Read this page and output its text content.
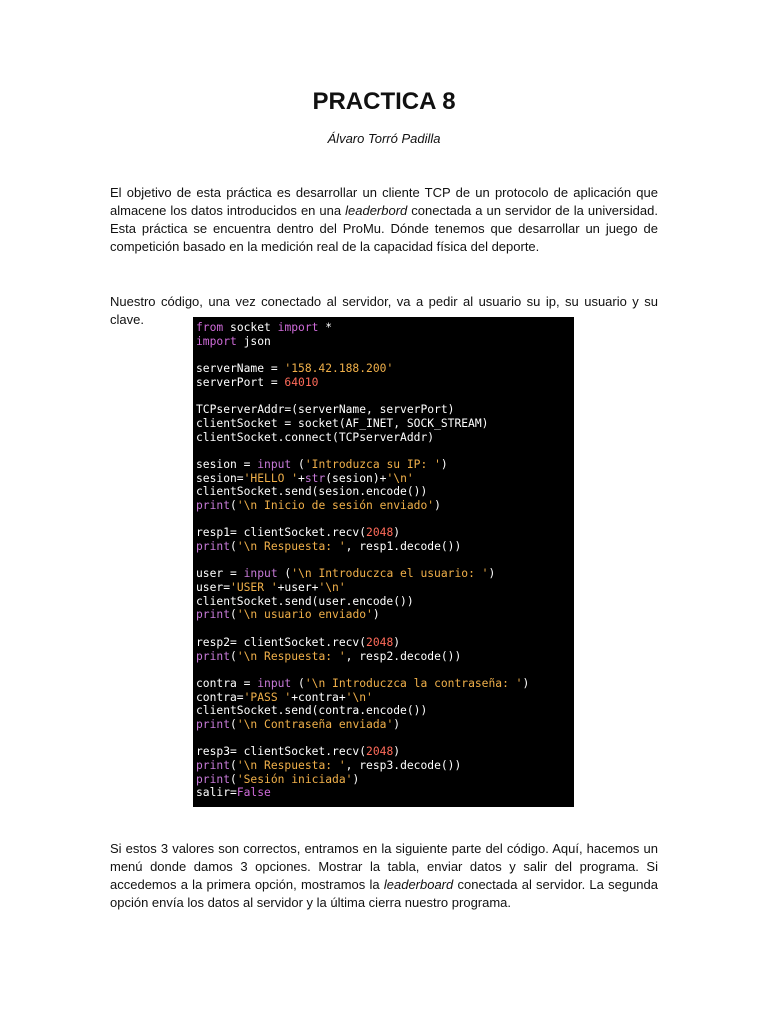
PRACTICA 8
Álvaro Torró Padilla

El objetivo de esta práctica es desarrollar un cliente TCP de un protocolo de aplicación que almacene los datos introducidos en una leaderbord conectada a un servidor de la universidad. Esta práctica se encuentra dentro del ProMu. Dónde tenemos que desarrollar un juego de competición basado en la medición real de la capacidad física del deporte.

Nuestro código, una vez conectado al servidor, va a pedir al usuario su ip, su usuario y su clave.

from socket import *
import json

serverName = '158.42.188.200'
serverPort = 64010

TCPserverAddr=(serverName, serverPort)
clientSocket = socket(AF_INET, SOCK_STREAM)
clientSocket.connect(TCPserverAddr)

sesion = input ('Introduzca su IP: ')
sesion='HELLO '+str(sesion)+'\n'
clientSocket.send(sesion.encode())
print('\n Inicio de sesión enviado')

resp1= clientSocket.recv(2048)
print('\n Respuesta: ', resp1.decode())

user = input ('\n Introduczca el usuario: ')
user='USER '+user+'\n'
clientSocket.send(user.encode())
print('\n usuario enviado')

resp2= clientSocket.recv(2048)
print('\n Respuesta: ', resp2.decode())

contra = input ('\n Introduczca la contraseña: ')
contra='PASS '+contra+'\n'
clientSocket.send(contra.encode())
print('\n Contraseña enviada')

resp3= clientSocket.recv(2048)
print('\n Respuesta: ', resp3.decode())
print('Sesión iniciada')
salir=False

Si estos 3 valores son correctos, entramos en la siguiente parte del código. Aquí, hacemos un menú donde damos 3 opciones. Mostrar la tabla, enviar datos y salir del programa. Si accedemos a la primera opción, mostramos la leaderboard conectada al servidor. La segunda opción envía los datos al servidor y la última cierra nuestro programa.
